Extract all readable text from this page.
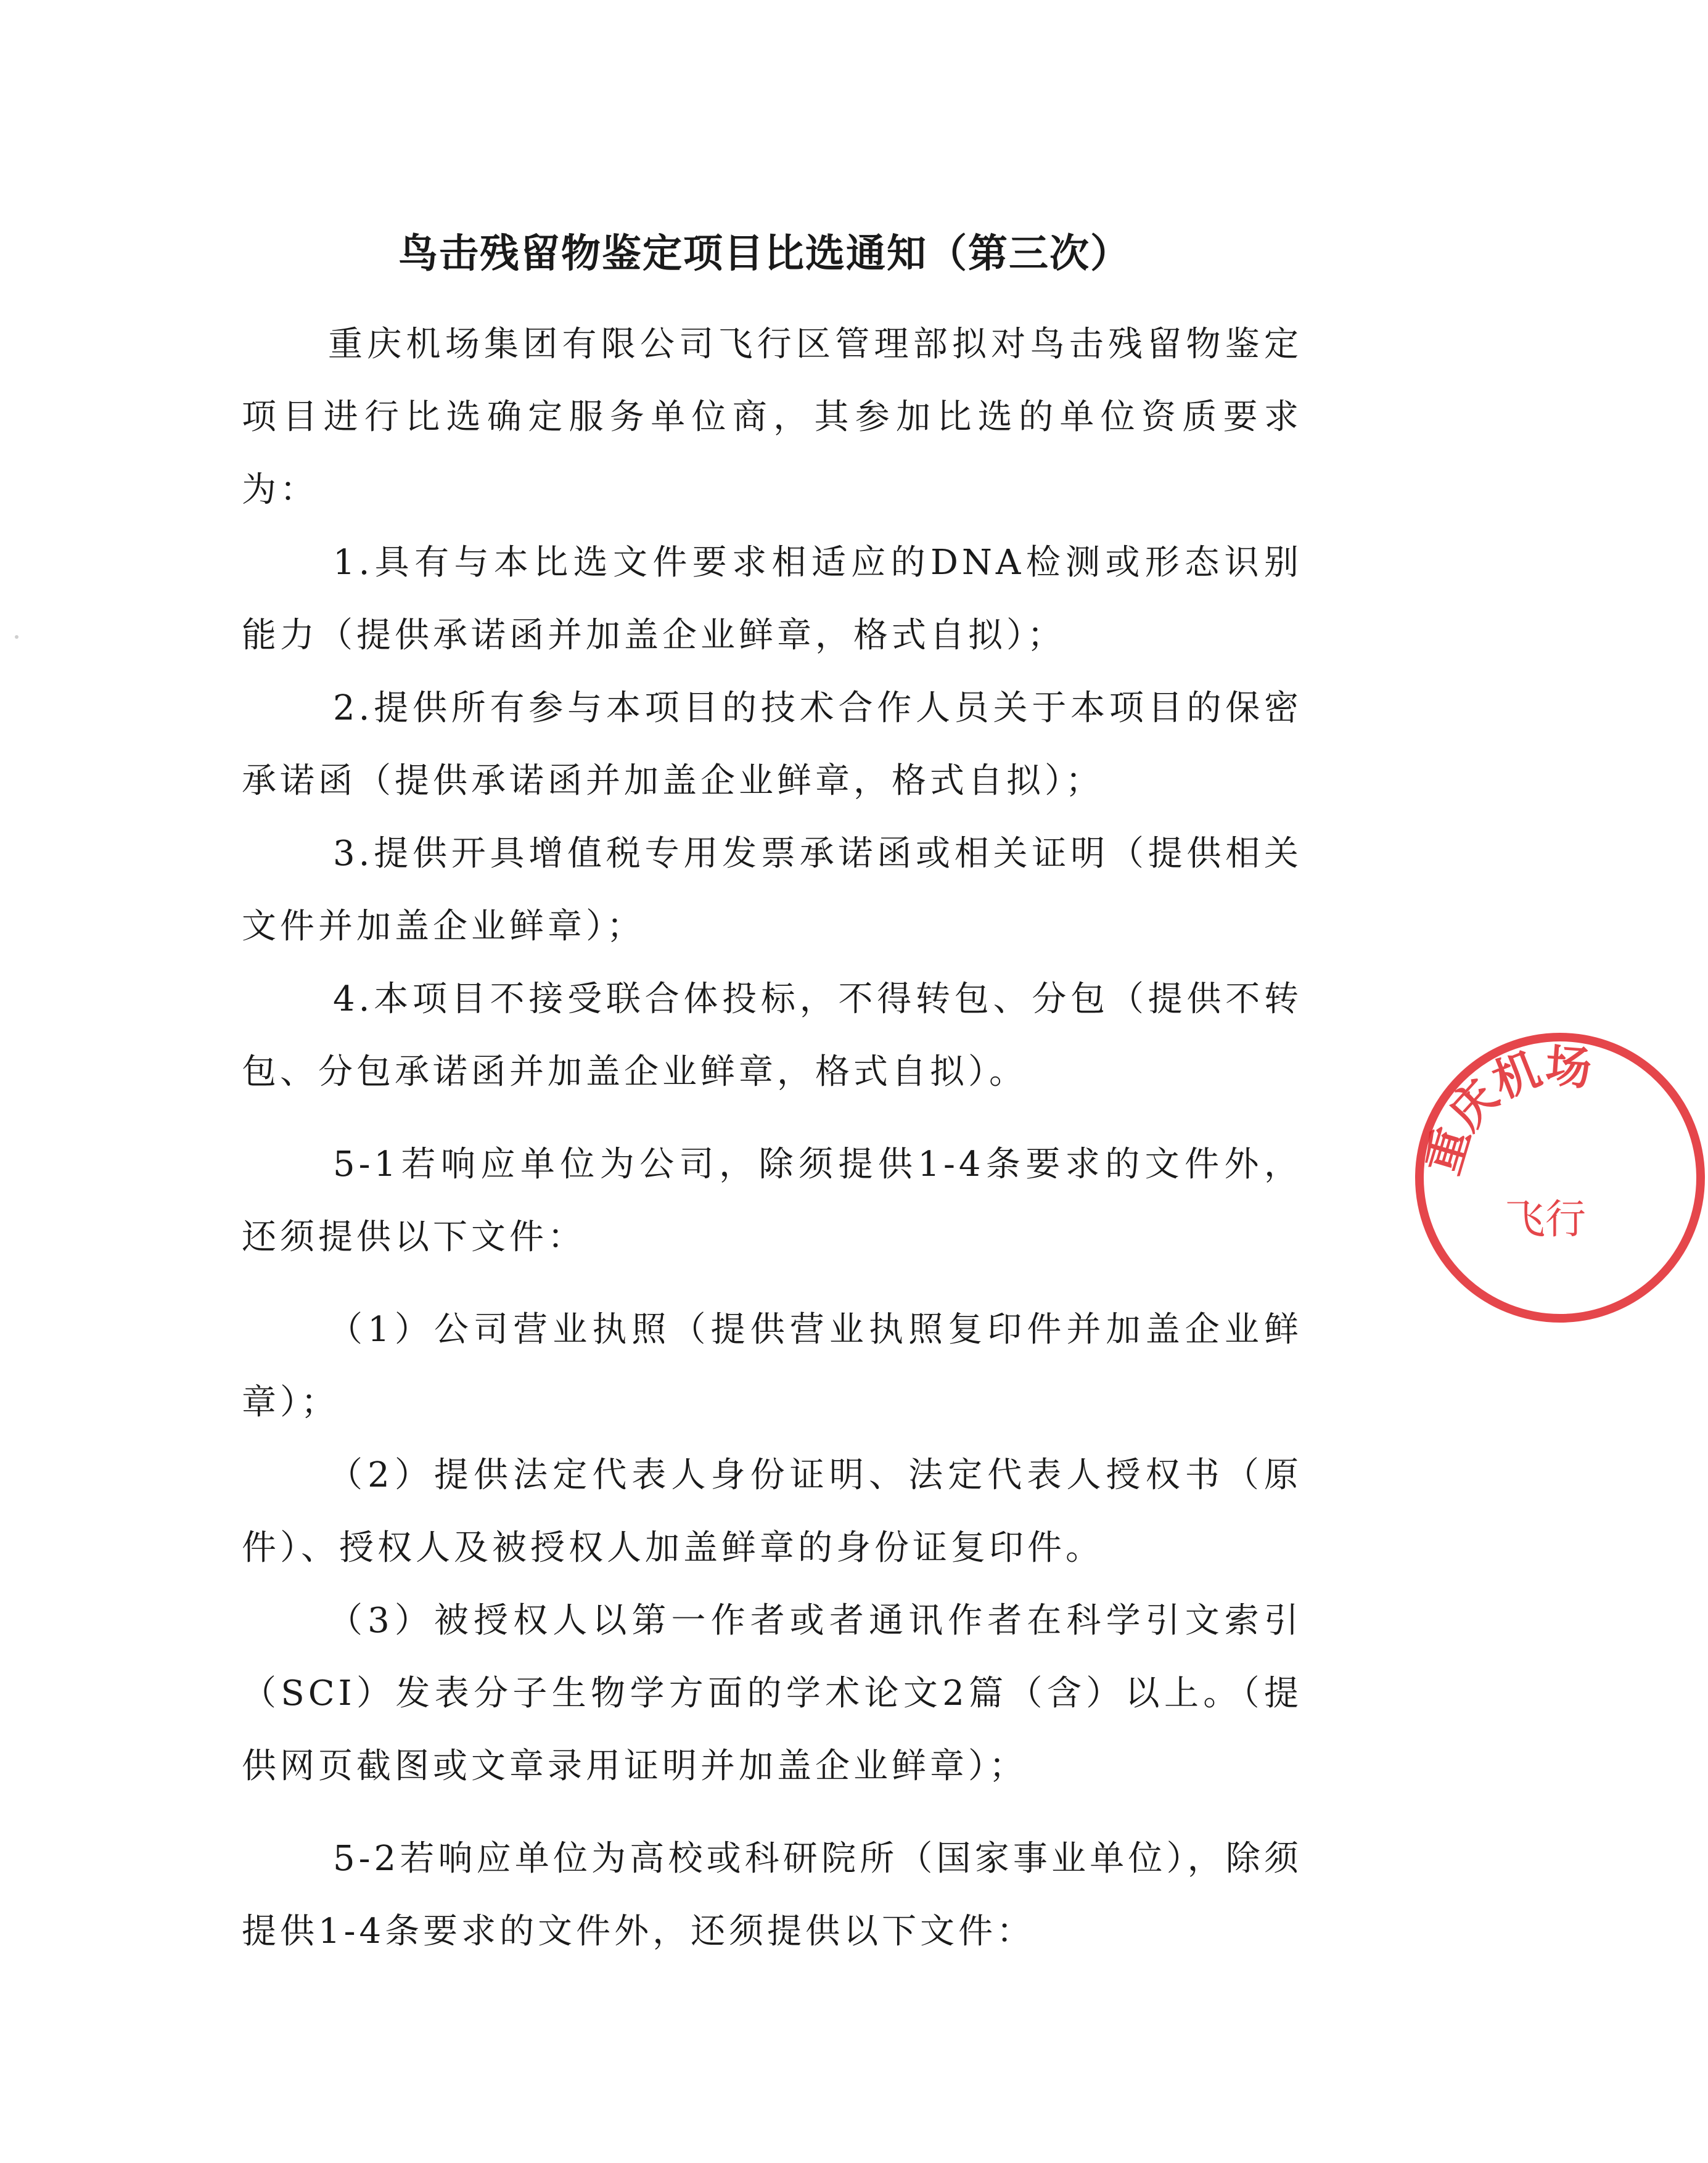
鸟击残留物鉴定项目比选通知（第三次）

重庆机场集团有限公司飞行区管理部拟对鸟击残留物鉴定项目进行比选确定服务单位商，其参加比选的单位资质要求为：

1.具有与本比选文件要求相适应的DNA检测或形态识别能力（提供承诺函并加盖企业鲜章，格式自拟）；

2.提供所有参与本项目的技术合作人员关于本项目的保密承诺函（提供承诺函并加盖企业鲜章，格式自拟）；

3.提供开具增值税专用发票承诺函或相关证明（提供相关文件并加盖企业鲜章）；

4.本项目不接受联合体投标，不得转包、分包（提供不转包、分包承诺函并加盖企业鲜章，格式自拟）。

5-1若响应单位为公司，除须提供1-4条要求的文件外，还须提供以下文件：

（1）公司营业执照（提供营业执照复印件并加盖企业鲜章）；

（2）提供法定代表人身份证明、法定代表人授权书（原件）、授权人及被授权人加盖鲜章的身份证复印件。

（3）被授权人以第一作者或者通讯作者在科学引文索引（SCI）发表分子生物学方面的学术论文2篇（含）以上。（提供网页截图或文章录用证明并加盖企业鲜章）；

5-2若响应单位为高校或科研院所（国家事业单位），除须提供1-4条要求的文件外，还须提供以下文件：

重庆机场
飞行
